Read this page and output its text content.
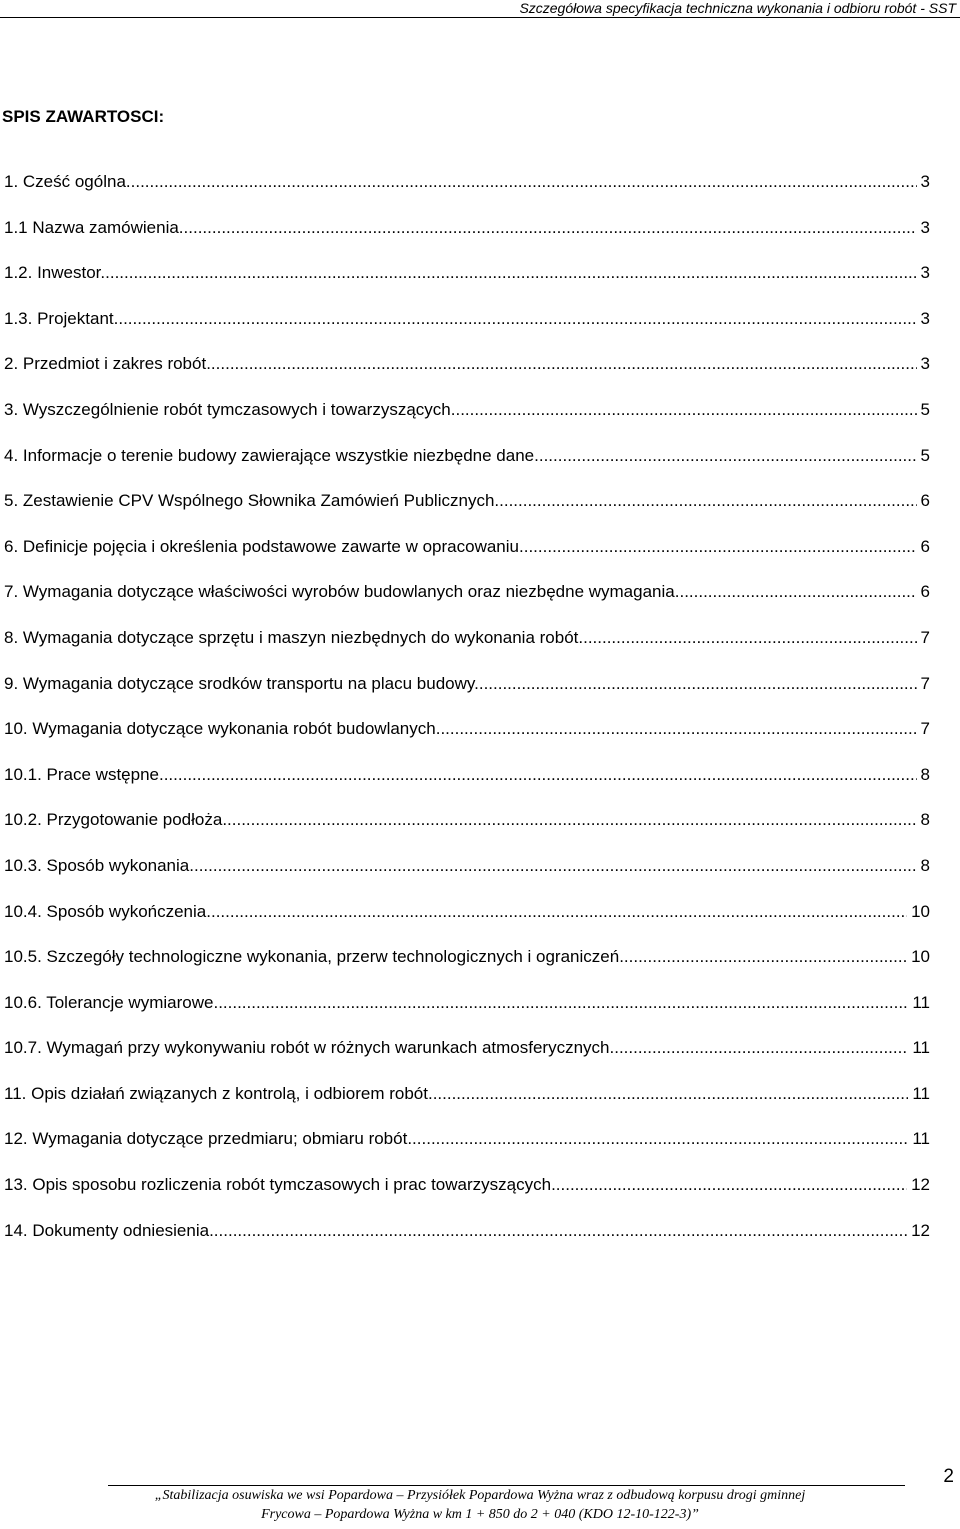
Szczegółowa specyfikacja techniczna wykonania i odbioru robót - SST
SPIS ZAWARTOSCI:
1. Cześć ogólna .....	3
1.1 Nazwa zamówienia. .....	3
1.2. Inwestor. .....	3
1.3. Projektant. .....	3
2. Przedmiot i zakres robót .....	3
3. Wyszczególnienie robót tymczasowych i towarzyszących. .....	5
4. Informacje o terenie budowy zawierające wszystkie niezbędne dane. .....	5
5. Zestawienie CPV Wspólnego Słownika Zamówień Publicznych. .....	6
6. Definicje pojęcia i określenia podstawowe zawarte w opracowaniu. .....	6
7. Wymagania dotyczące właściwości wyrobów budowlanych oraz niezbędne wymagania .....	6
8. Wymagania dotyczące sprzętu i maszyn niezbędnych do wykonania robót .....	7
9. Wymagania dotyczące srodków transportu na placu budowy. .....	7
10. Wymagania dotyczące wykonania robót budowlanych. .....	7
10.1. Prace wstępne .....	8
10.2. Przygotowanie podłoża .....	8
10.3. Sposób wykonania .....	8
10.4. Sposób wykończenia .....	10
10.5. Szczegóły technologiczne wykonania, przerw technologicznych i ograniczeń .....	10
10.6. Tolerancje wymiarowe .....	11
10.7. Wymagań przy wykonywaniu robót w różnych warunkach atmosferycznych. .....	11
11. Opis działań związanych z kontrolą, i odbiorem robót. .....	11
12. Wymagania dotyczące przedmiaru; obmiaru robót. .....	11
13. Opis sposobu rozliczenia robót tymczasowych i prac towarzyszących .....	12
14. Dokumenty odniesienia .....	12
2
„Stabilizacja osuwiska we wsi Popardowa – Przysiółek Popardowa Wyżna wraz z odbudową korpusu drogi gminnej
Frycowa – Popardowa Wyżna w km 1 + 850 do 2 + 040 (KDO 12-10-122-3)”
